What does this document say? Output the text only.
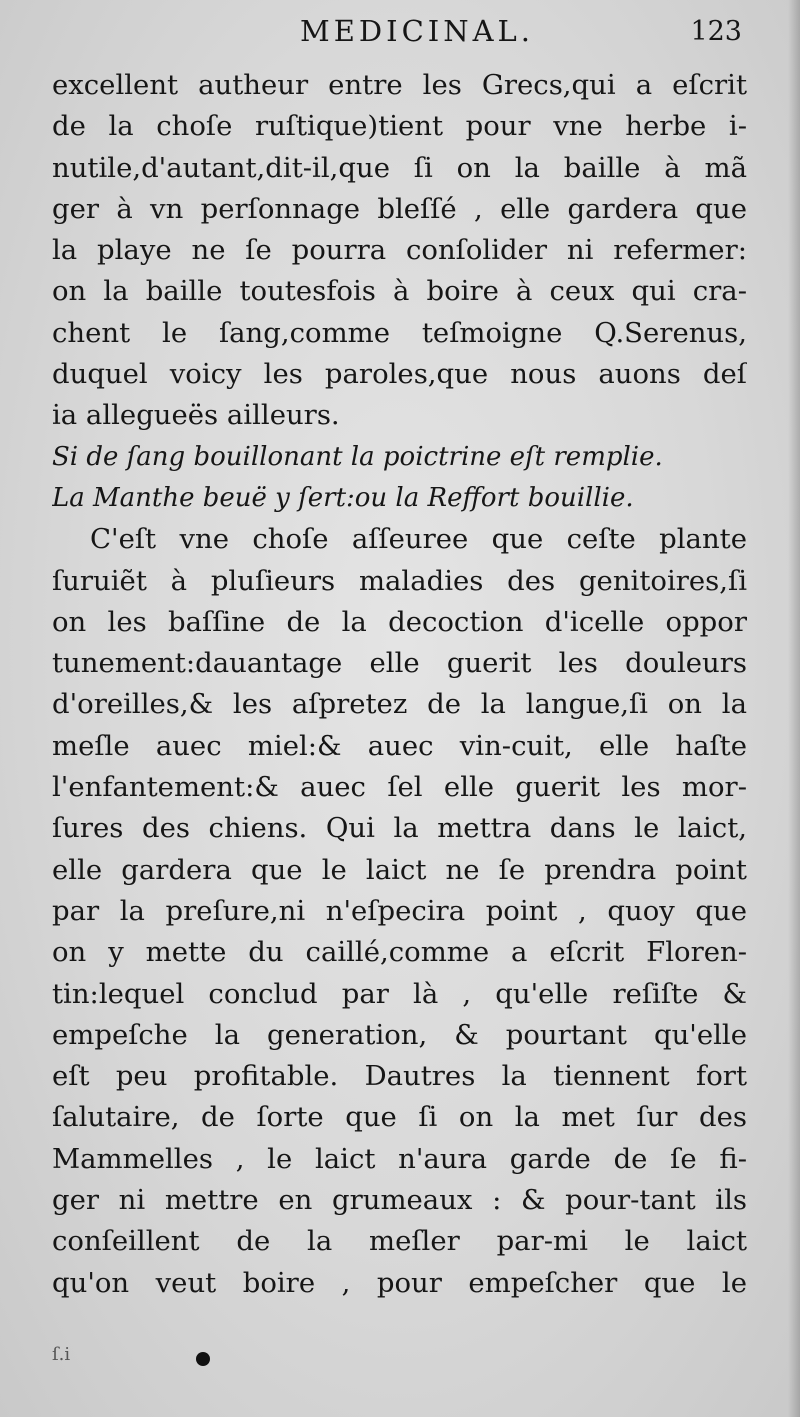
MEDICINAL.	123
excellent autheur entre les Grecs,qui a eſcrit
de la choſe ruſtique)tient pour vne herbe i-
nutile,d'autant,dit-il,que ſi on la baille à mã
ger à vn perſonnage bleſſé , elle gardera que
la playe ne ſe pourra conſolider ni refermer:
on la baille toutesfois à boire à ceux qui cra-
chent le ſang,comme teſmoigne Q.Serenus,
duquel voicy les paroles,que nous auons deſ
ia allegueës ailleurs.
Si de ſang bouillonant la poictrine eſt remplie.
La Manthe beuë y ſert:ou la Reffort bouillie.
C'eſt vne choſe aſſeuree que ceſte plante
ſuruiẽt à pluſieurs maladies des genitoires,ſi
on les baſſine de la decoction d'icelle oppor
tunement:dauantage elle guerit les douleurs
d'oreilles,& les aſpretez de la langue,ſi on la
meſle auec miel:& auec vin-cuit, elle haſte
l'enfantement:& auec ſel elle guerit les mor-
ſures des chiens. Qui la mettra dans le laict,
elle gardera que le laict ne ſe prendra point
par la preſure,ni n'eſpecira point , quoy que
on y mette du caillé,comme a eſcrit Floren-
tin:lequel conclud par là , qu'elle reſiſte &
empeſche la generation, & pourtant qu'elle
eſt peu profitable. Dautres la tiennent fort
ſalutaire, de ſorte que ſi on la met ſur des
Mammelles , le laict n'aura garde de ſe fi-
ger ni mettre en grumeaux : & pour-tant ils
conſeillent de la meſler par-mi le laict
qu'on veut boire , pour empeſcher que le
ſ.i
